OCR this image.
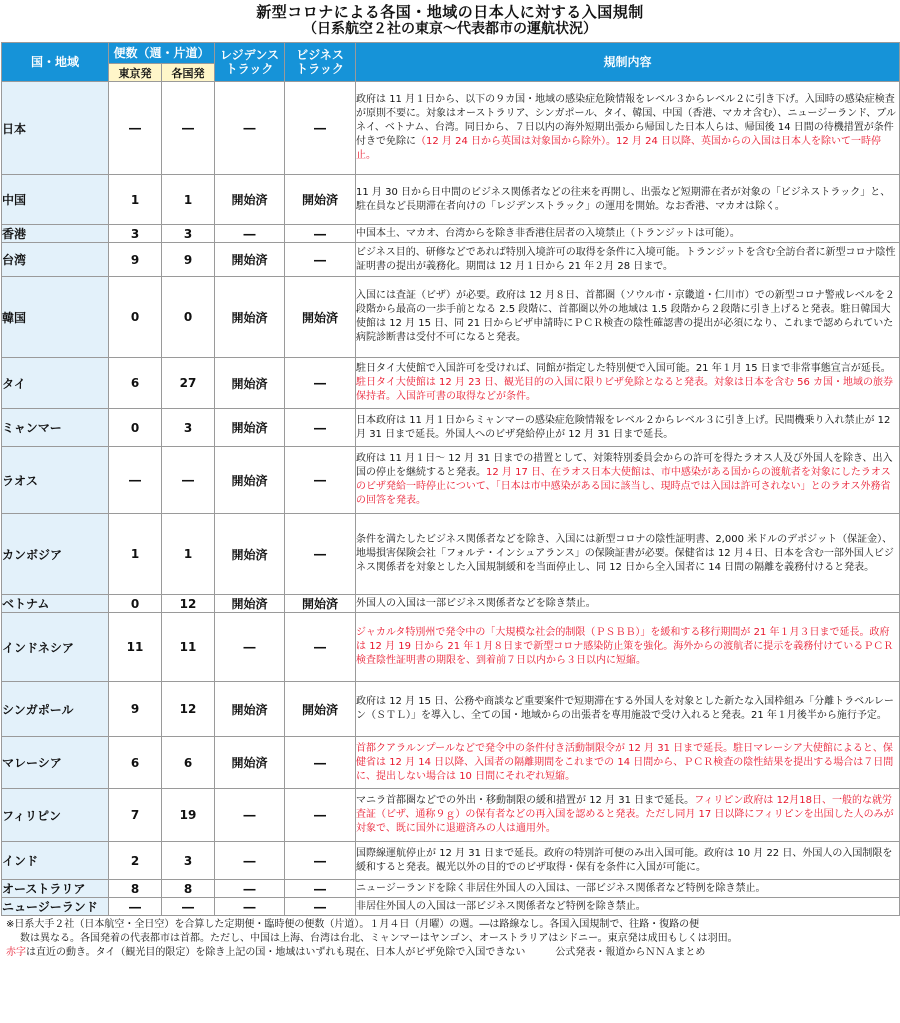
新型コロナによる各国・地域の日本人に対する入国規制
（日系航空２社の東京～代表都市の運航状況）
国・地域	便数（週・片道）		レジデンス
トラック	ビジネス
トラック	規制内容
	東京発	各国発			
日本	―	―	―	―	政府は 11 月１日から、以下の９カ国・地域の感染症危険情報をレベル３からレベル２に引き下げ。入国時の感染症検査が原則不要に。対象はオーストラリア、シンガポール、タイ、韓国、中国（香港、マカオ含む）、ニュージーランド、ブルネイ、ベトナム、台湾。同日から、７日以内の海外短期出張から帰国した日本人らは、帰国後 14 日間の待機措置が条件付きで免除に（12 月 24 日から英国は対象国から除外）。12 月 24 日以降、英国からの入国は日本人を除いて一時停止。
中国	1	1	開始済	開始済	11 月 30 日から日中間のビジネス関係者などの往来を再開し、出張など短期滞在者が対象の「ビジネストラック」と、駐在員など長期滞在者向けの「レジデンストラック」の運用を開始。なお香港、マカオは除く。
香港	3	3	―	―	中国本土、マカオ、台湾からを除き非香港住居者の入境禁止（トランジットは可能）。
台湾	9	9	開始済	―	ビジネス目的、研修などであれば特別入境許可の取得を条件に入境可能。トランジットを含む全訪台者に新型コロナ陰性証明書の提出が義務化。期間は 12 月１日から 21 年２月 28 日まで。
韓国	0	0	開始済	開始済	入国には査証（ビザ）が必要。政府は 12 月８日、首都圏（ソウル市・京畿道・仁川市）での新型コロナ警戒レベルを２段階から最高の一歩手前となる 2.5 段階に、首都圏以外の地域は 1.5 段階から２段階に引き上げると発表。駐日韓国大使館は 12 月 15 日、同 21 日からビザ申請時にＰＣＲ検査の陰性確認書の提出が必須になり、これまで認められていた病院診断書は受付不可になると発表。
タイ	6	27	開始済	―	駐日タイ大使館で入国許可を受ければ、同館が指定した特別便で入国可能。21 年１月 15 日まで非常事態宣言が延長。駐日タイ大使館は 12 月 23 日、観光目的の入国に限りビザ免除となると発表。対象は日本を含む 56 カ国・地域の旅券保持者。入国許可書の取得などが条件。
ミャンマー	0	3	開始済	―	日本政府は 11 月１日からミャンマーの感染症危険情報をレベル２からレベル３に引き上げ。民間機乗り入れ禁止が 12 月 31 日まで延長。外国人へのビザ発給停止が 12 月 31 日まで延長。
ラオス	―	―	開始済	―	政府は 11 月１日～ 12 月 31 日までの措置として、対策特別委員会からの許可を得たラオス人及び外国人を除き、出入国の停止を継続すると発表。12 月 17 日、在ラオス日本大使館は、市中感染がある国からの渡航者を対象にしたラオスのビザ発給一時停止について、「日本は市中感染がある国に該当し、現時点では入国は許可されない」とのラオス外務省の回答を発表。
カンボジア	1	1	開始済	―	条件を満たしたビジネス関係者などを除き、入国には新型コロナの陰性証明書、2,000 米ドルのデポジット（保証金）、地場損害保険会社「フォルテ・インシュアランス」の保険証書が必要。保健省は 12 月４日、日本を含む一部外国人ビジネス関係者を対象とした入国規制緩和を当面停止し、同 12 日から全入国者に 14 日間の隔離を義務付けると発表。
ベトナム	0	12	開始済	開始済	外国人の入国は一部ビジネス関係者などを除き禁止。
インドネシア	11	11	―	―	ジャカルタ特別州で発令中の「大規模な社会的制限（ＰＳＢＢ）」を緩和する移行期間が 21 年１月３日まで延長。政府は 12 月 19 日から 21 年１月８日まで新型コロナ感染防止策を強化。海外からの渡航者に提示を義務付けているＰＣＲ検査陰性証明書の期限を、到着前７日以内から３日以内に短縮。
シンガポール	9	12	開始済	開始済	政府は 12 月 15 日、公務や商談など重要案件で短期滞在する外国人を対象とした新たな入国枠組み「分離トラベルレーン（ＳＴＬ）」を導入し、全ての国・地域からの出張者を専用施設で受け入れると発表。21 年１月後半から施行予定。
マレーシア	6	6	開始済	―	首都クアラルンプールなどで発令中の条件付き活動制限令が 12 月 31 日まで延長。駐日マレーシア大使館によると、保健省は 12 月 14 日以降、入国者の隔離期間をこれまでの 14 日間から、ＰＣＲ検査の陰性結果を提出する場合は７日間に、提出しない場合は 10 日間にそれぞれ短縮。
フィリピン	7	19	―	―	マニラ首都圏などでの外出・移動制限の緩和措置が 12 月 31 日まで延長。フィリピン政府は 12月18日、一般的な就労査証（ビザ、通称９ｇ）の保有者などの再入国を認めると発表。ただし同月 17 日以降にフィリピンを出国した人のみが対象で、既に国外に退避済みの人は適用外。
インド	2	3	―	―	国際線運航停止が 12 月 31 日まで延長。政府の特別許可便のみ出入国可能。政府は 10 月 22 日、外国人の入国制限を緩和すると発表。観光以外の目的でのビザ取得・保有を条件に入国が可能に。
オーストラリア	8	8	―	―	ニュージーランドを除く非居住外国人の入国は、一部ビジネス関係者など特例を除き禁止。
ニュージーランド	―	―	―	―	非居住外国人の入国は一部ビジネス関係者など特例を除き禁止。

※日系大手２社（日本航空・全日空）を合算した定期便・臨時便の便数（片道）。１月４日（月曜）の週。―は路線なし。各国入国規制で、往路・復路の便

数は異なる。各国発着の代表都市は首都。ただし、中国は上海、台湾は台北、ミャンマーはヤンゴン、オーストラリアはシドニー。東京発は成田もしくは羽田。

赤字は直近の動き。タイ（観光目的限定）を除き上記の国・地域はいずれも現在、日本人がビザ免除で入国できない　　　	公式発表・報道からＮＮＡまとめ
